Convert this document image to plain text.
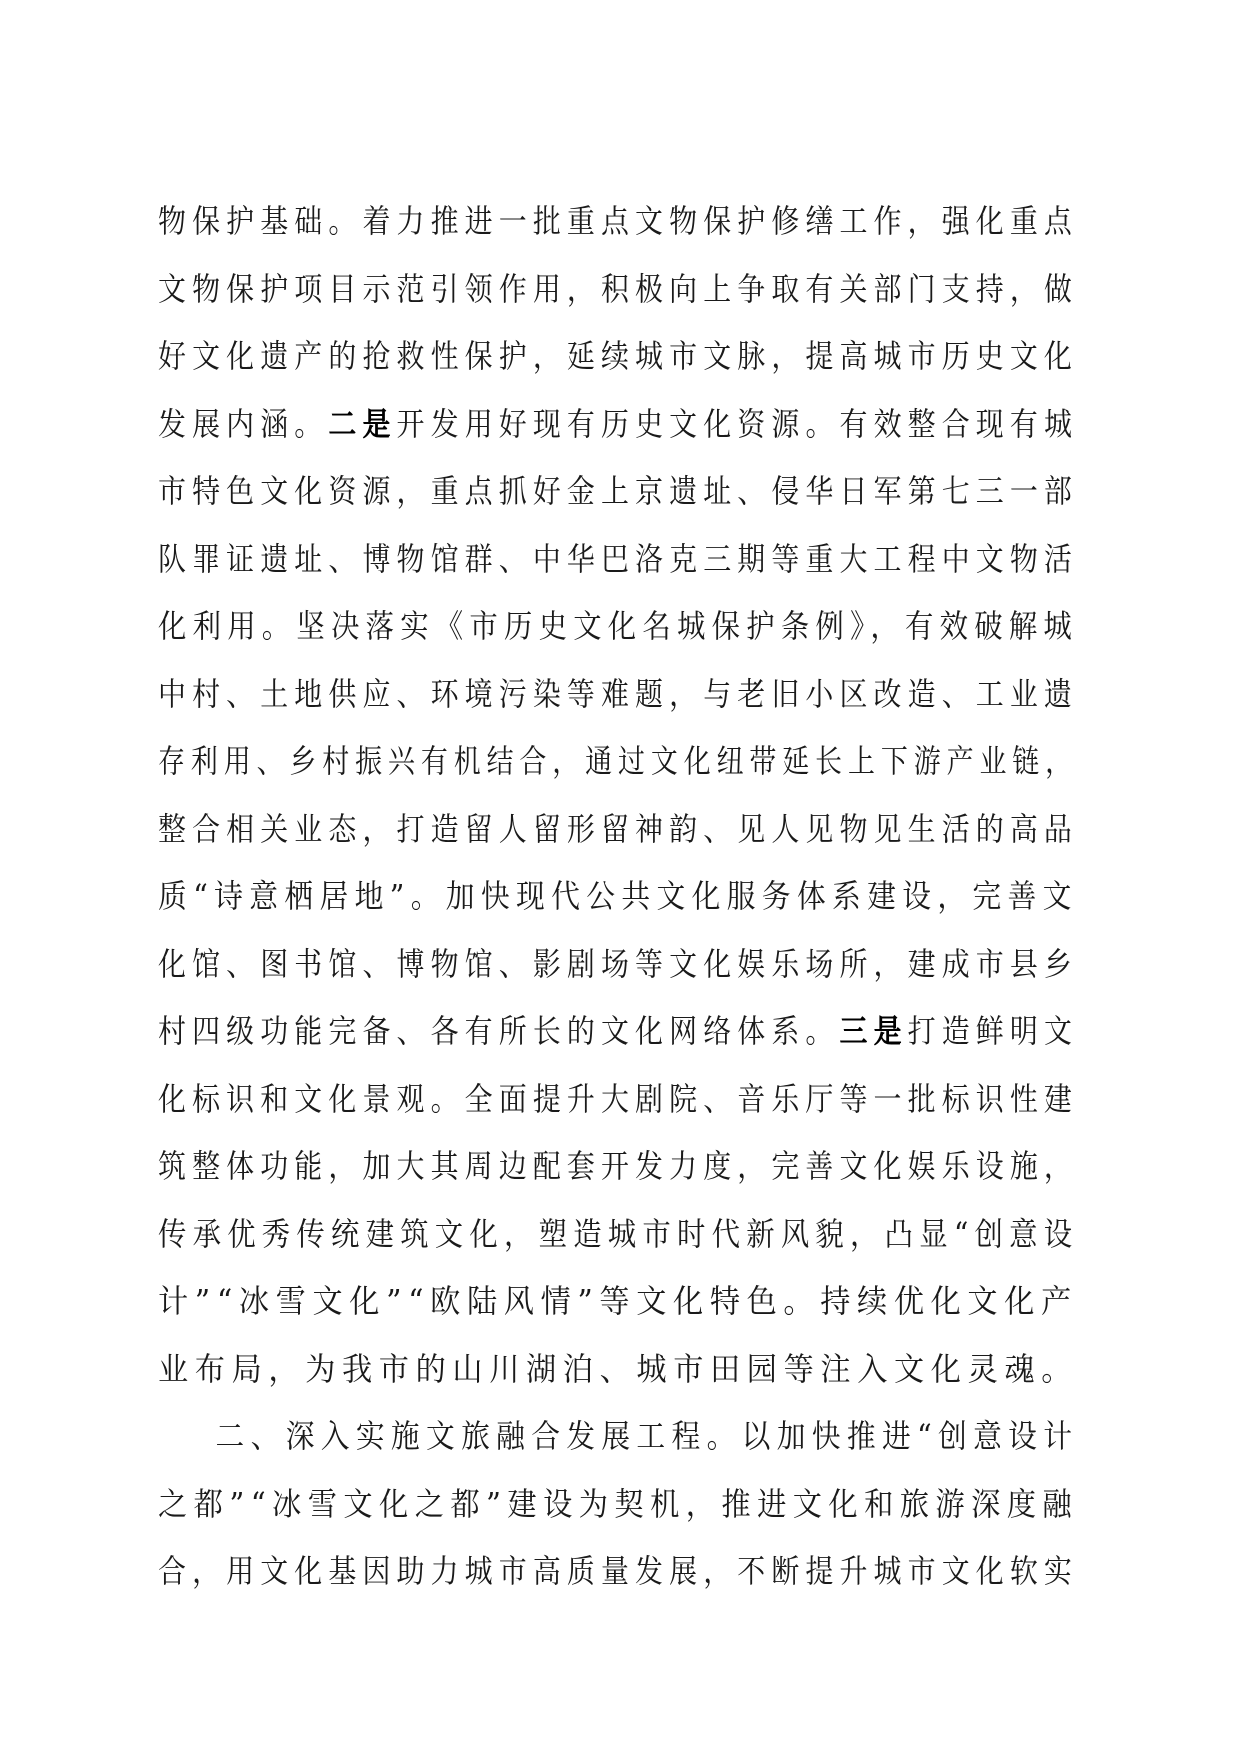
物保护基础。着力推进一批重点文物保护修缮工作，强化重点
文物保护项目示范引领作用，积极向上争取有关部门支持，做
好文化遗产的抢救性保护，延续城市文脉，提高城市历史文化
发展内涵。二是开发用好现有历史文化资源。有效整合现有城
市特色文化资源，重点抓好金上京遗址、侵华日军第七三一部
队罪证遗址、博物馆群、中华巴洛克三期等重大工程中文物活
化利用。坚决落实《市历史文化名城保护条例》，有效破解城
中村、土地供应、环境污染等难题，与老旧小区改造、工业遗
存利用、乡村振兴有机结合，通过文化纽带延长上下游产业链，
整合相关业态，打造留人留形留神韵、见人见物见生活的高品
质“诗意栖居地”。加快现代公共文化服务体系建设，完善文
化馆、图书馆、博物馆、影剧场等文化娱乐场所，建成市县乡
村四级功能完备、各有所长的文化网络体系。三是打造鲜明文
化标识和文化景观。全面提升大剧院、音乐厅等一批标识性建
筑整体功能，加大其周边配套开发力度，完善文化娱乐设施，
传承优秀传统建筑文化，塑造城市时代新风貌，凸显“创意设
计”“冰雪文化”“欧陆风情”等文化特色。持续优化文化产
业布局，为我市的山川湖泊、城市田园等注入文化灵魂。
二、深入实施文旅融合发展工程。以加快推进“创意设计
之都”“冰雪文化之都”建设为契机，推进文化和旅游深度融
合，用文化基因助力城市高质量发展，不断提升城市文化软实
